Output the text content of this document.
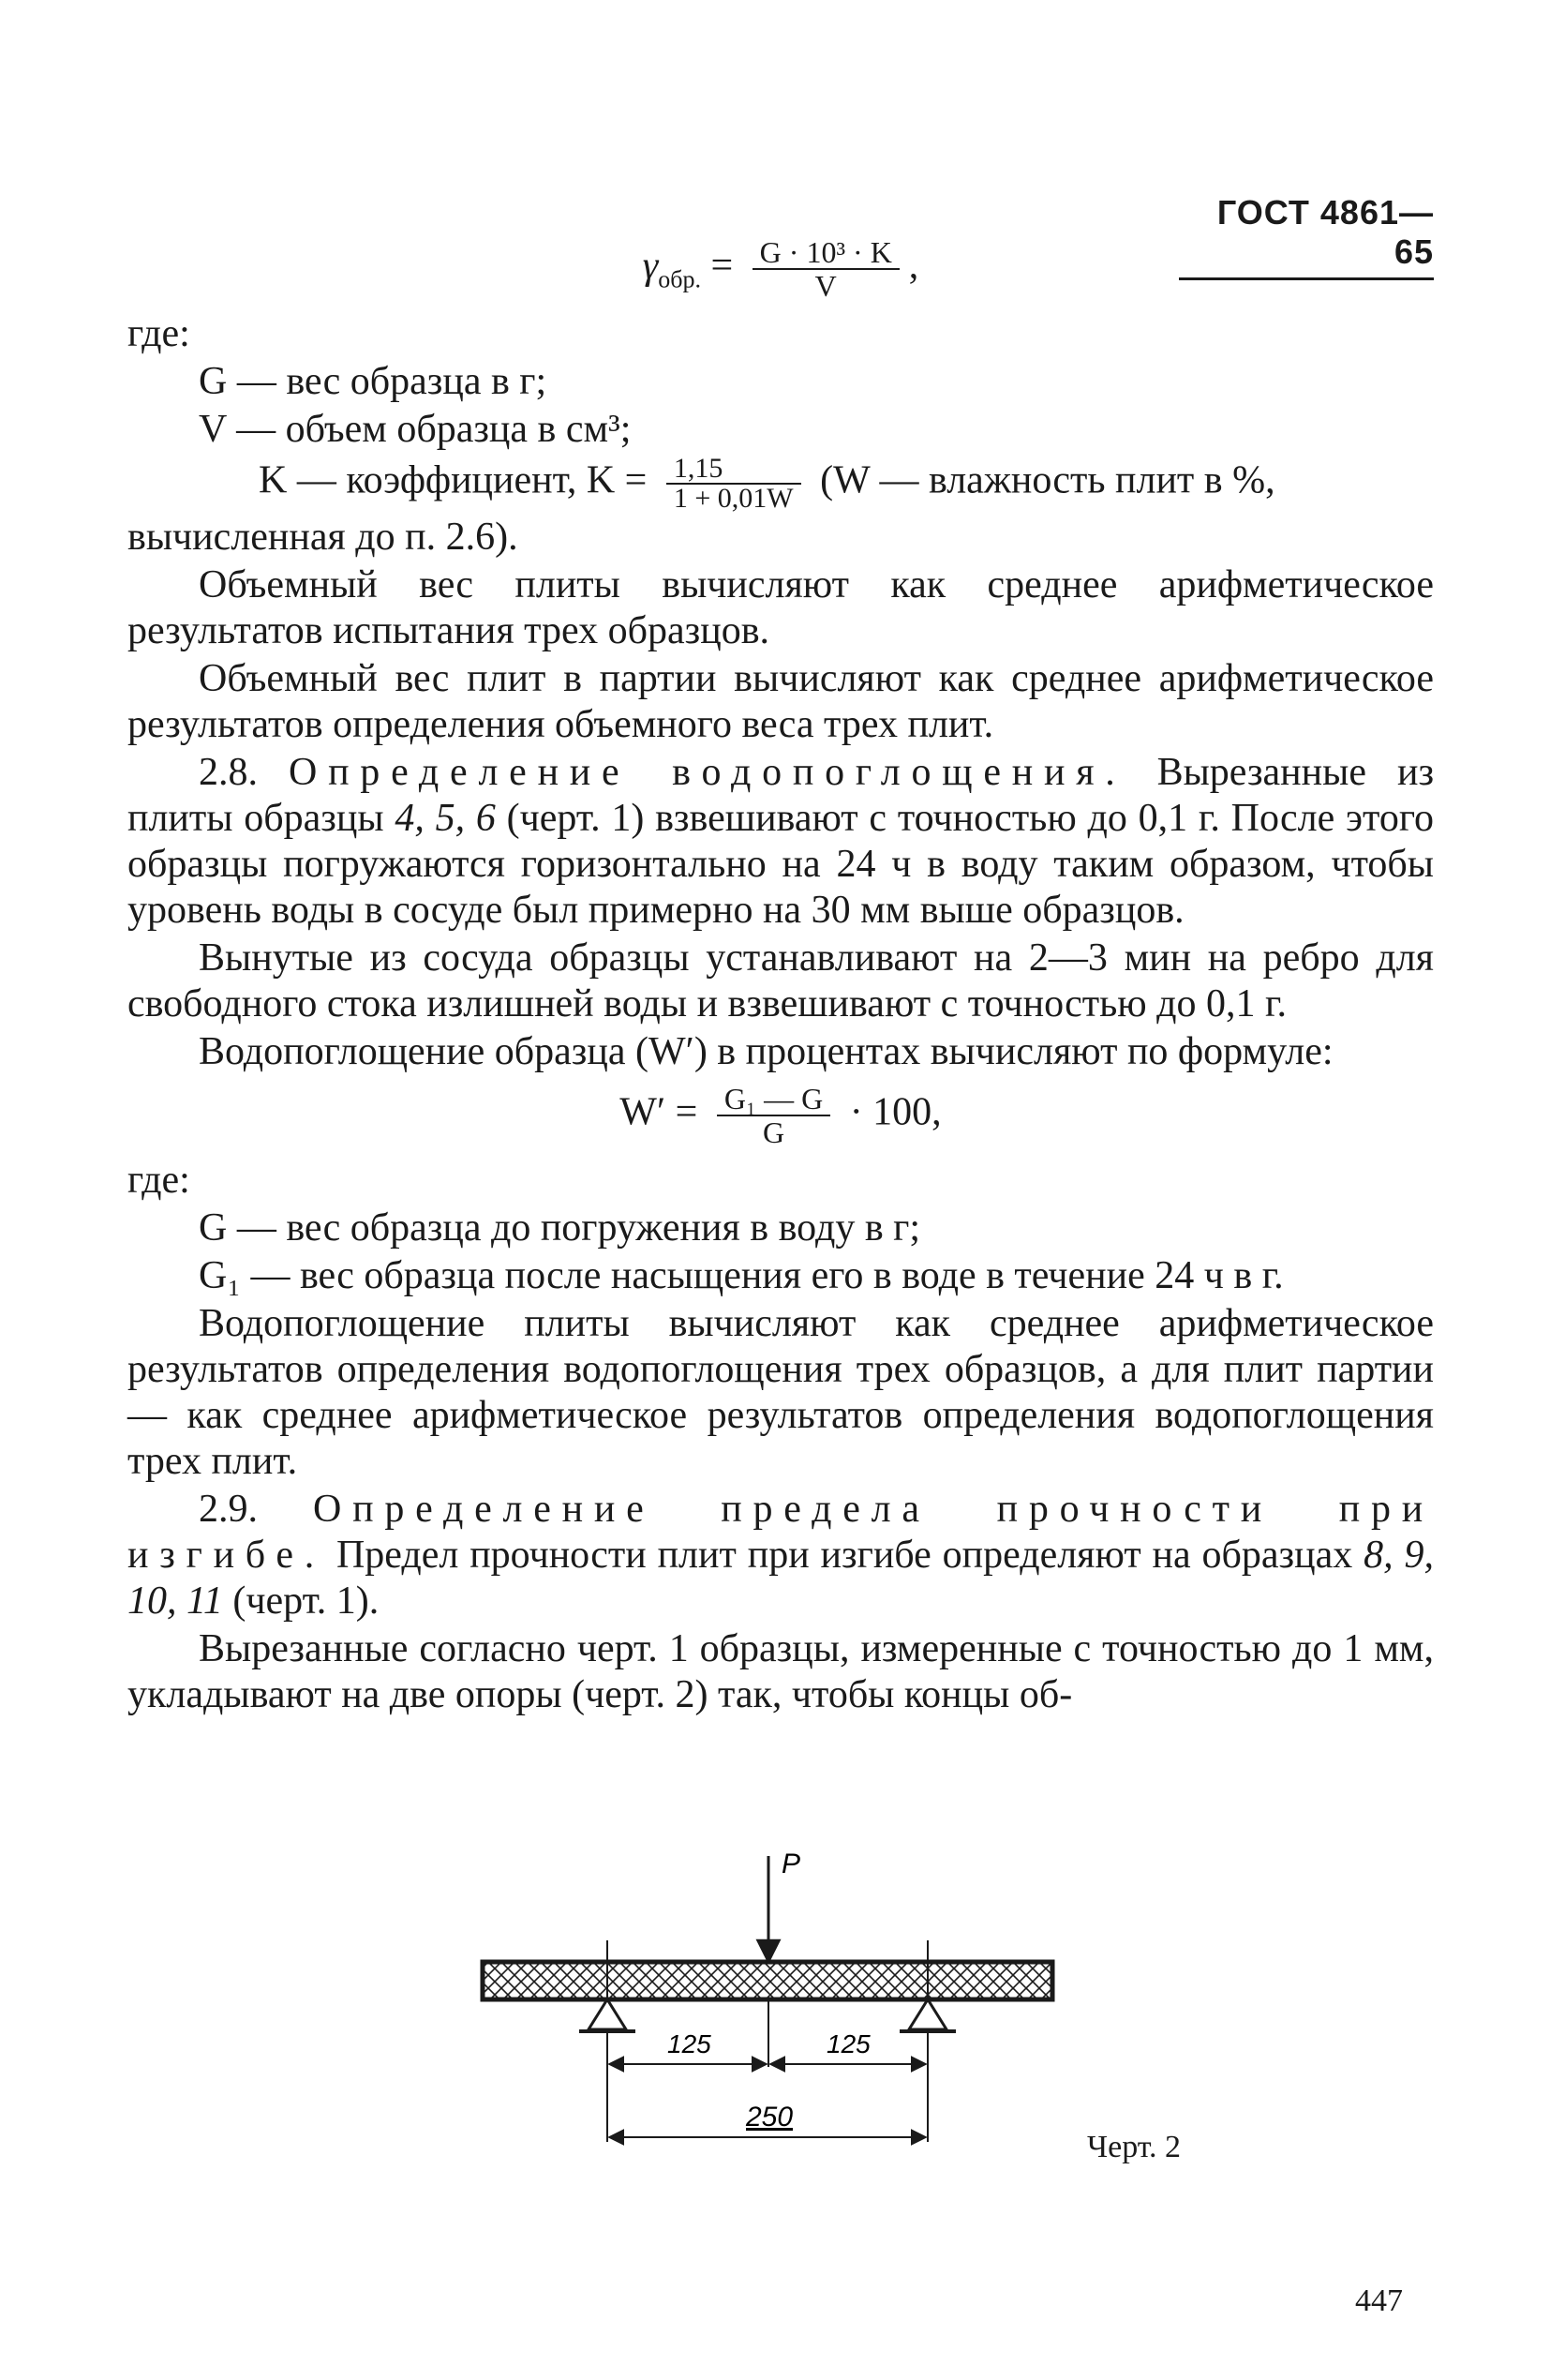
ГОСТ 4861—65
$\gamma_{обр.} = \frac{\text{G · 10³ · K}}{V}$ ,
где:
G — вес образца в г;
V — объем образца в см³;
K — коэффициент, $K = \frac{1,15}{1 + 0,01W} (W$ — влажность плит в %,
вычисленная до п. 2.6).
Объемный вес плиты вычисляют как среднее арифметическое результатов испытания трех образцов.
Объемный вес плит в партии вычисляют как среднее арифметическое результатов определения объемного веса трех плит.
2.8. Определение водопоглощения. Вырезанные из плиты образцы 4, 5, 6 (черт. 1) взвешивают с точностью до 0,1 г. После этого образцы погружаются горизонтально на 24 ч в воду таким образом, чтобы уровень воды в сосуде был примерно на 30 мм выше образцов.
Вынутые из сосуда образцы устанавливают на 2—3 мин на ребро для свободного стока излишней воды и взвешивают с точностью до 0,1 г.
Водопоглощение образца (W′) в процентах вычисляют по формуле:
$W' = \frac{\text{G₁ — G}}{G} \cdot 100$,
где:
G — вес образца до погружения в воду в г;
G₁ — вес образца после насыщения его в воде в течение 24 ч в г.
Водопоглощение плиты вычисляют как среднее арифметическое результатов определения водопоглощения трех образцов, а для плит партии — как среднее арифметическое результатов определения водопоглощения трех плит.
2.9. Определение предела прочности при изгибе. Предел прочности плит при изгибе определяют на образцах 8, 9, 10, 11 (черт. 1).
Вырезанные согласно черт. 1 образцы, измеренные с точностью до 1 мм, укладывают на две опоры (черт. 2) так, чтобы концы об-
P
125	125
250
Черт. 2
447
